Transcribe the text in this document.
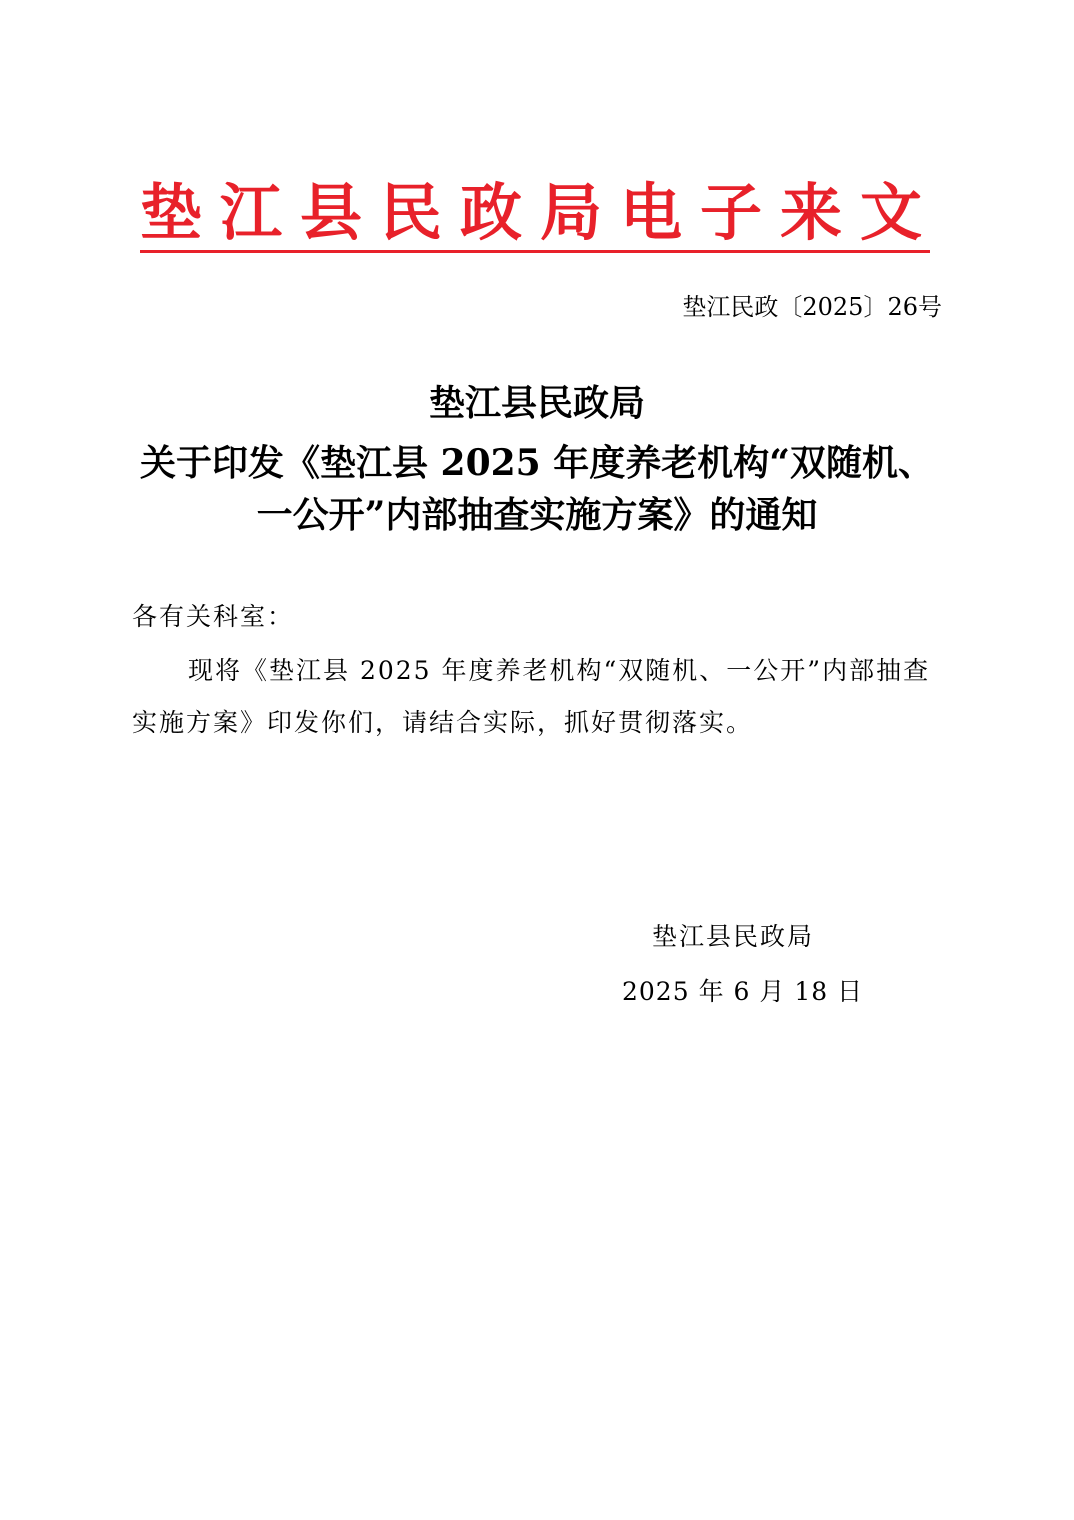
垫江县民政局电子来文
垫江民政〔2025〕26号
垫江县民政局
关于印发《垫江县 2025 年度养老机构“双随机、
一公开”内部抽查实施方案》的通知
各有关科室：
现将《垫江县 2025 年度养老机构“双随机、一公开”内部抽查
实施方案》印发你们，请结合实际，抓好贯彻落实。
垫江县民政局
2025 年 6 月 18 日
